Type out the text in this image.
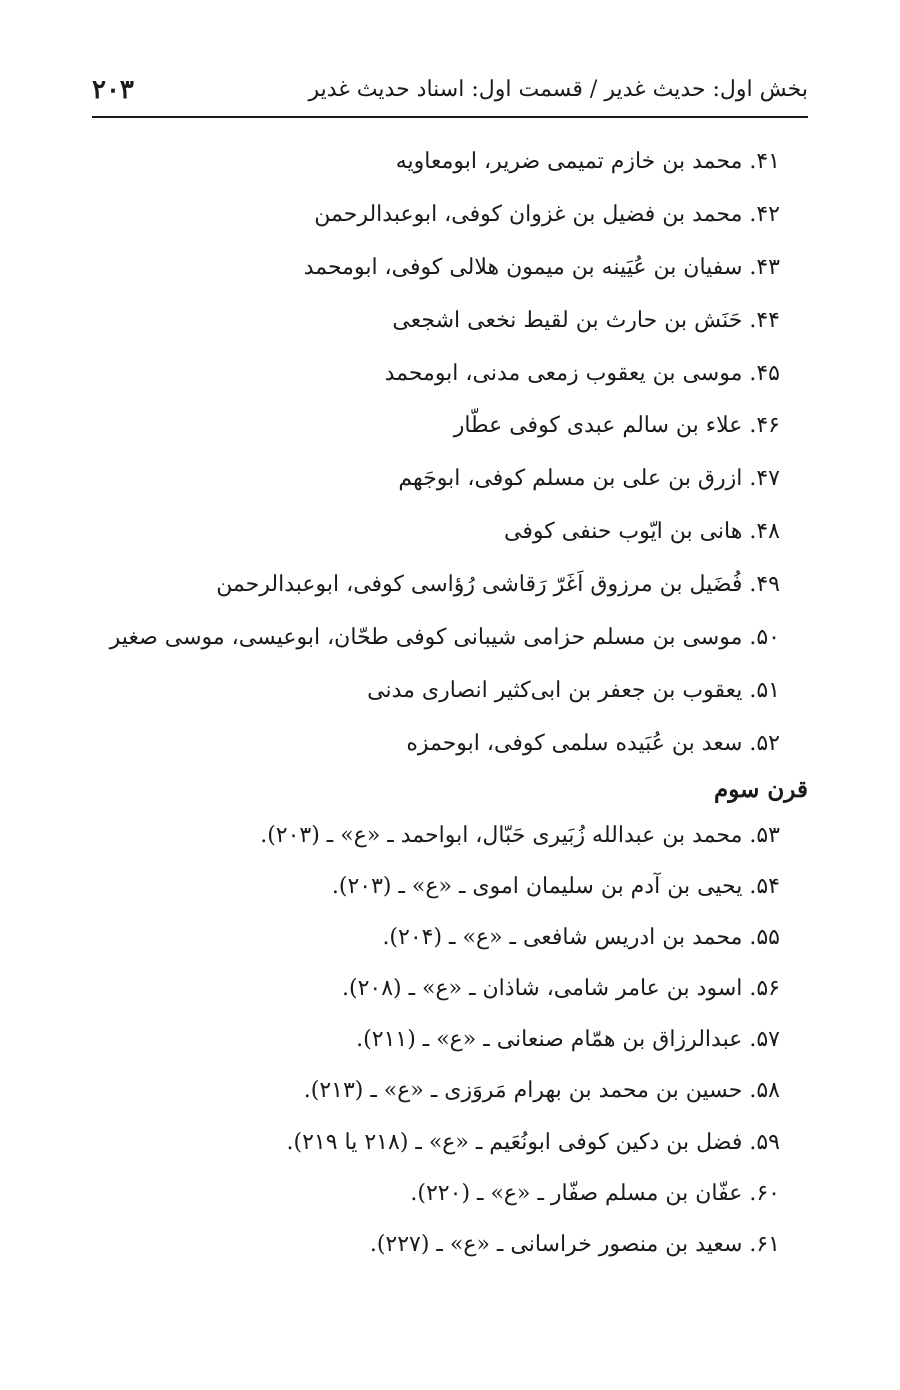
بخش اول: حدیث غدیر / قسمت اول: اسناد حدیث غدیر
۲۰۳
۴۱. محمد بن خازم تمیمی ضریر، ابومعاویه
۴۲. محمد بن فضیل بن غزوان کوفی، ابوعبدالرحمن
۴۳. سفیان بن عُیَینه بن میمون هلالی کوفی، ابومحمد
۴۴. حَنَش بن حارث بن لقیط نخعی اشجعی
۴۵. موسی بن یعقوب زمعی مدنی، ابومحمد
۴۶. علاء بن سالم عبدی کوفی عطّار
۴۷. ازرق بن علی بن مسلم کوفی، ابوجَهم
۴۸. هانی بن ایّوب حنفی کوفی
۴۹. فُضَیل بن مرزوق اَغَرّ رَقاشی رُؤاسی کوفی، ابوعبدالرحمن
۵۰. موسی بن مسلم حزامی شیبانی کوفی طحّان، ابوعیسی، موسی صغیر
۵۱. یعقوب بن جعفر بن ابی‌کثیر انصاری مدنی
۵۲. سعد بن عُبَیده سلمی کوفی، ابوحمزه
قرن سوم
۵۳. محمد بن عبدالله زُبَیری حَبّال، ابواحمد ـ «ع» ـ (۲۰۳).
۵۴. یحیی بن آدم بن سلیمان اموی ـ «ع» ـ (۲۰۳).
۵۵. محمد بن ادریس شافعی ـ «ع» ـ (۲۰۴).
۵۶. اسود بن عامر شامی، شاذان ـ «ع» ـ (۲۰۸).
۵۷. عبدالرزاق بن همّام صنعانی ـ «ع» ـ (۲۱۱).
۵۸. حسین بن محمد بن بهرام مَروَزی ـ «ع» ـ (۲۱۳).
۵۹. فضل بن دکین کوفی ابونُعَیم ـ «ع» ـ (۲۱۸ یا ۲۱۹).
۶۰. عفّان بن مسلم صفّار ـ «ع» ـ (۲۲۰).
۶۱. سعید بن منصور خراسانی ـ «ع» ـ (۲۲۷).
